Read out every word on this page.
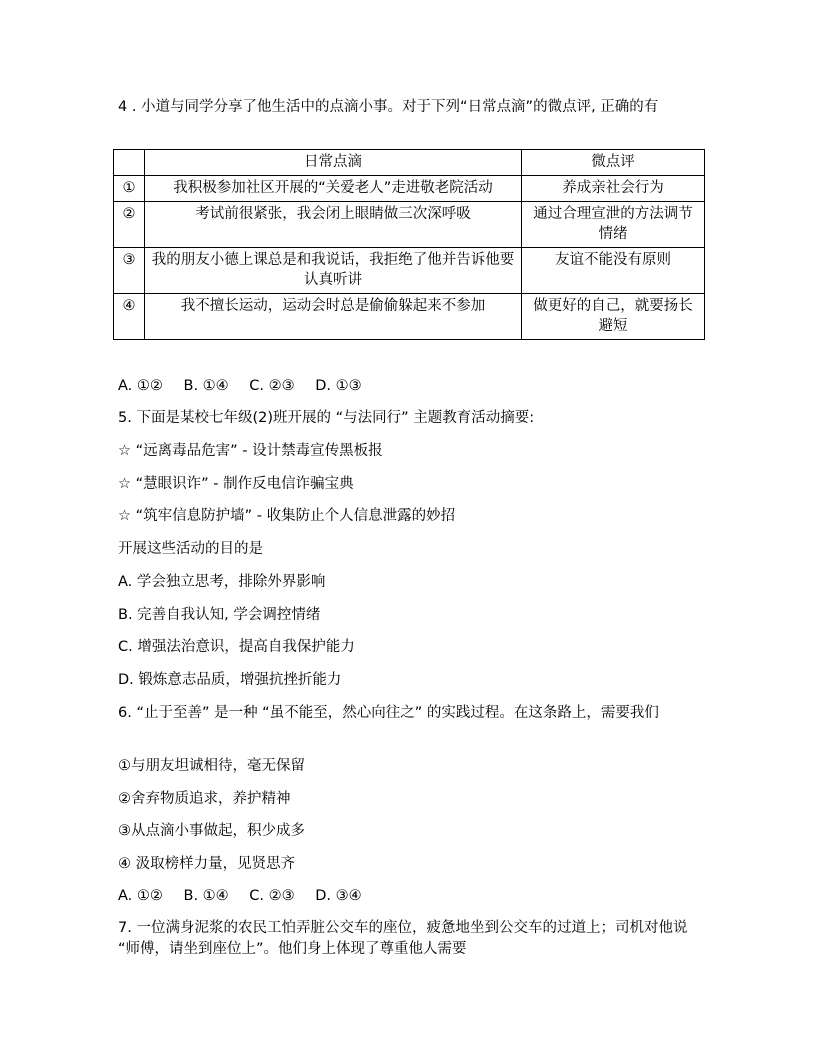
4 . 小道与同学分享了他生活中的点滴小事。对于下列“日常点滴”的微点评, 正确的有
	日常点滴	微点评
①	我积极参加社区开展的“关爱老人”走进敬老院活动	养成亲社会行为
②	考试前很紧张，我会闭上眼睛做三次深呼吸	通过合理宣泄的方法调节情绪
③	我的朋友小德上课总是和我说话，我拒绝了他并告诉他要认真听讲	友谊不能没有原则
④	我不擅长运动，运动会时总是偷偷躲起来不参加	做更好的自己，就要扬长避短
A. ①② B. ①④ C. ②③ D. ①③
5. 下面是某校七年级(2)班开展的 “与法同行” 主题教育活动摘要:
☆ “远离毒品危害” - 设计禁毒宣传黑板报
☆ “慧眼识诈” - 制作反电信诈骗宝典
☆ “筑牢信息防护墙” - 收集防止个人信息泄露的妙招
开展这些活动的目的是
A. 学会独立思考，排除外界影响
B. 完善自我认知, 学会调控情绪
C. 增强法治意识，提高自我保护能力
D. 锻炼意志品质，增强抗挫折能力
6. “止于至善” 是一种 “虽不能至，然心向往之” 的实践过程。在这条路上，需要我们
①与朋友坦诚相待，毫无保留
②舍弃物质追求，养护精神
③从点滴小事做起，积少成多
④ 汲取榜样力量，见贤思齐
A. ①② B. ①④ C. ②③ D. ③④
7. 一位满身泥浆的农民工怕弄脏公交车的座位，疲惫地坐到公交车的过道上；司机对他说 “师傅，请坐到座位上”。他们身上体现了尊重他人需要
